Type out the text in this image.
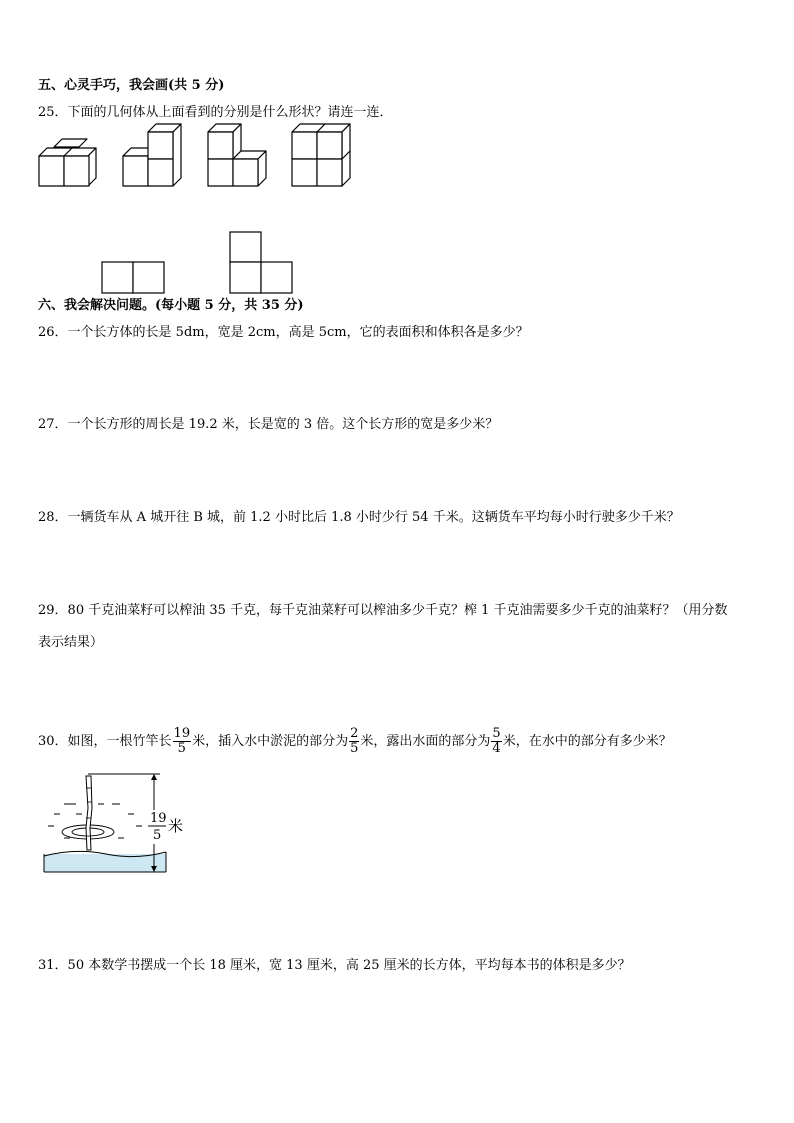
五、心灵手巧，我会画(共 5 分)
25．下面的几何体从上面看到的分别是什么形状？请连一连．
六、我会解决问题。(每小题 5 分，共 35 分)
26．一个长方体的长是 5dm，宽是 2cm，高是 5cm，它的表面积和体积各是多少？
27．一个长方形的周长是 19.2 米，长是宽的 3 倍。这个长方形的宽是多少米？
28．一辆货车从 A 城开往 B 城，前 1.2 小时比后 1.8 小时少行 54 千米。这辆货车平均每小时行驶多少千米？
29．80 千克油菜籽可以榨油 35 千克，每千克油菜籽可以榨油多少千克？榨 1 千克油需要多少千克的油菜籽？（用分数
表示结果）
30．如图，一根竹竿长 $\frac{19}{5}$ 米，插入水中淤泥的部分为 $\frac{2}{5}$ 米，露出水面的部分为 $\frac{5}{4}$ 米，在水中的部分有多少米？
19
5
米
31．50 本数学书摆成一个长 18 厘米，宽 13 厘米，高 25 厘米的长方体，平均每本书的体积是多少？
